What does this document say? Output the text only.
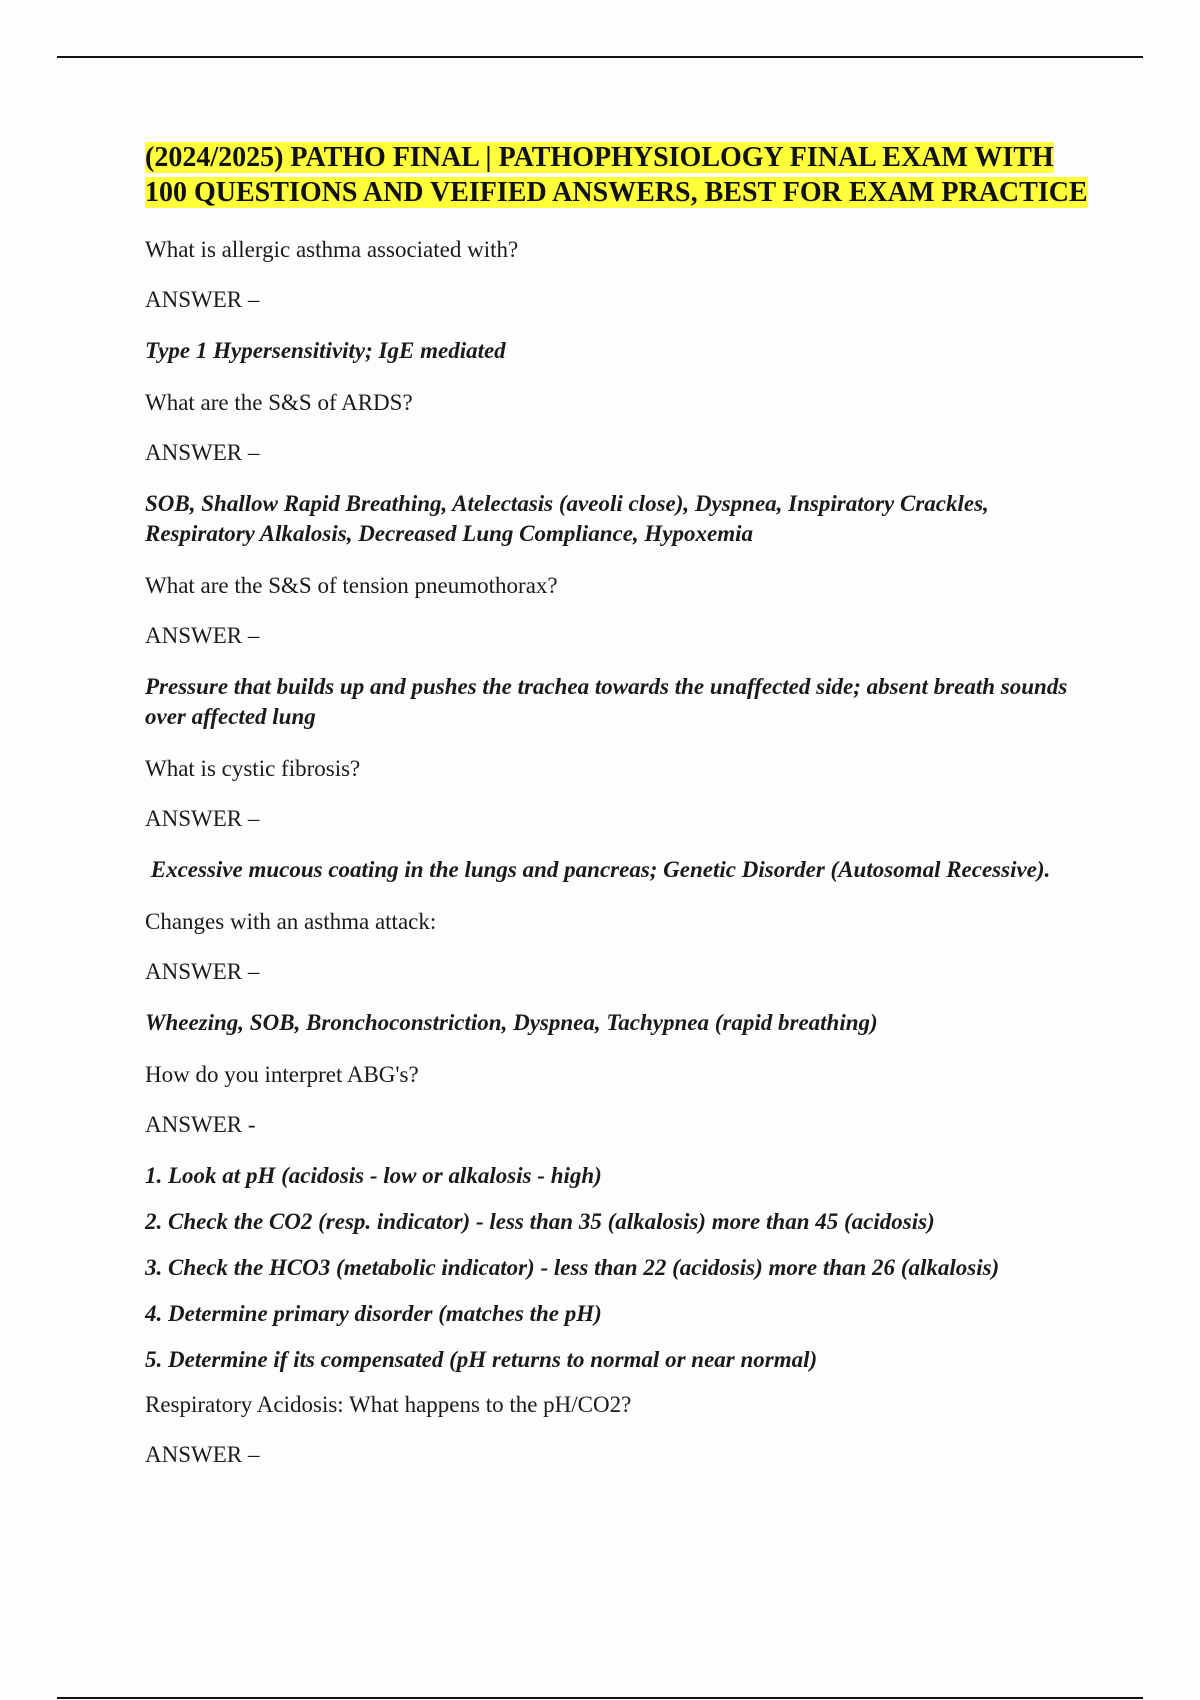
(2024/2025) PATHO FINAL | PATHOPHYSIOLOGY FINAL EXAM WITH 100 QUESTIONS AND VEIFIED ANSWERS, BEST FOR EXAM PRACTICE

What is allergic asthma associated with?

ANSWER –

Type 1 Hypersensitivity; IgE mediated

What are the S&S of ARDS?

ANSWER –

SOB, Shallow Rapid Breathing, Atelectasis (aveoli close), Dyspnea, Inspiratory Crackles, Respiratory Alkalosis, Decreased Lung Compliance, Hypoxemia

What are the S&S of tension pneumothorax?

ANSWER –

Pressure that builds up and pushes the trachea towards the unaffected side; absent breath sounds over affected lung

What is cystic fibrosis?

ANSWER –

Excessive mucous coating in the lungs and pancreas; Genetic Disorder (Autosomal Recessive).

Changes with an asthma attack:

ANSWER –

Wheezing, SOB, Bronchoconstriction, Dyspnea, Tachypnea (rapid breathing)

How do you interpret ABG's?

ANSWER -

1. Look at pH (acidosis - low or alkalosis - high)

2. Check the CO2 (resp. indicator) - less than 35 (alkalosis) more than 45 (acidosis)

3. Check the HCO3 (metabolic indicator) - less than 22 (acidosis) more than 26 (alkalosis)

4. Determine primary disorder (matches the pH)

5. Determine if its compensated (pH returns to normal or near normal)

Respiratory Acidosis: What happens to the pH/CO2?

ANSWER –
